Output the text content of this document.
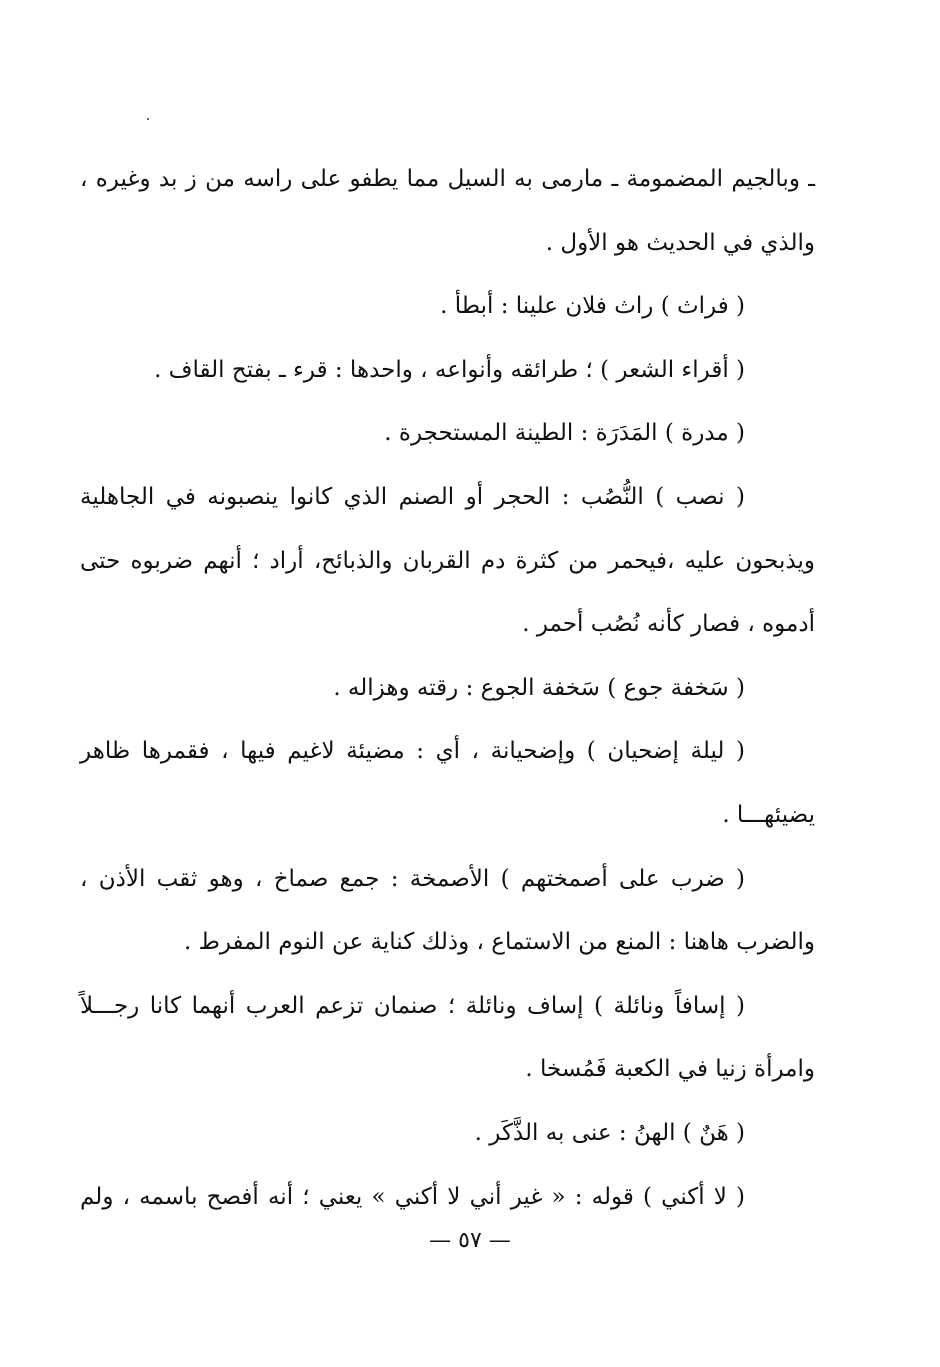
ـ وبالجيم المضمومة ـ مارمى به السيل مما يطفو على راسه من ز بد وغيره ،
والذي في الحديث هو الأول .
( فراث ) راث فلان علينا : أبطأ .
( أقراء الشعر ) ؛ طرائقه وأنواعه ، واحدها : قرء ـ بفتح القاف .
( مدرة ) المَدَرَة : الطينة المستحجرة .
( نصب ) النُّصُب : الحجر أو الصنم الذي كانوا ينصبونه في الجاهلية
ويذبحون عليه ،فيحمر من كثرة دم القربان والذبائح، أراد ؛ أنهم ضربوه حتى
أدموه ، فصار كأنه نُصُب أحمر .
( سَخفة جوع ) سَخفة الجوع : رقته وهزاله .
( ليلة إضحيان ) وإضحيانة ، أي : مضيئة لاغيم فيها ، فقمرها ظاهر
يضيئهـــا .
( ضرب على أصمختهم ) الأصمخة : جمع صماخ ، وهو ثقب الأذن ،
والضرب هاهنا : المنع من الاستماع ، وذلك كناية عن النوم المفرط .
( إسافاً ونائلة ) إساف ونائلة ؛ صنمان تزعم العرب أنهما كانا رجـــلاً
وامرأة زنيا في الكعبة فَمُسخا .
( هَنٌ ) الهنُ : عنى به الذَّكَر .
( لا أكني ) قوله : « غير أني لا أكني » يعني ؛ أنه أفصح باسمه ، ولم
— ٥٧ —
